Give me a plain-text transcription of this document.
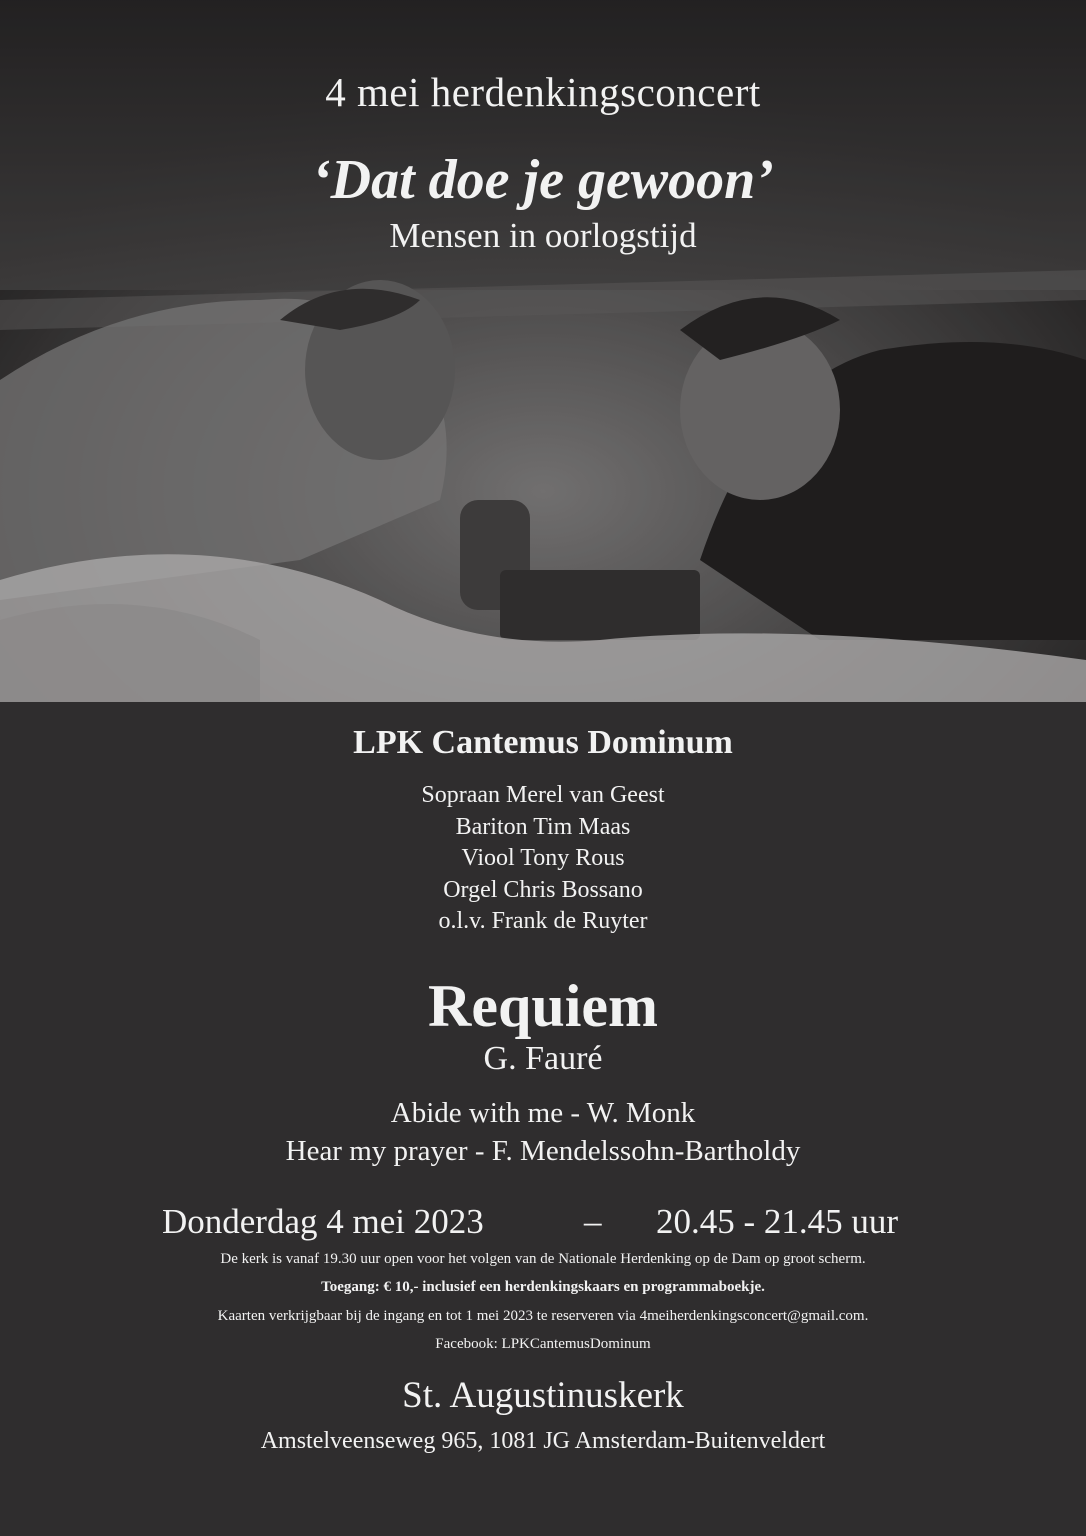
4 mei herdenkingsconcert
‘Dat doe je gewoon’
Mensen in oorlogstijd
LPK Cantemus Dominum
Sopraan Merel van Geest
Bariton Tim Maas
Viool Tony Rous
Orgel Chris Bossano
o.l.v. Frank de Ruyter
Requiem
G. Fauré
Abide with me - W. Monk
Hear my prayer - F. Mendelssohn-Bartholdy
Donderdag 4 mei 2023	– 20.45 - 21.45 uur
De kerk is vanaf 19.30 uur open voor het volgen van de Nationale Herdenking op de Dam op groot scherm.
Toegang: € 10,- inclusief een herdenkingskaars en programmaboekje.
Kaarten verkrijgbaar bij de ingang en tot 1 mei 2023 te reserveren via 4meiherdenkingsconcert@gmail.com.
Facebook: LPKCantemusDominum
St. Augustinuskerk
Amstelveenseweg 965, 1081 JG Amsterdam-Buitenveldert
